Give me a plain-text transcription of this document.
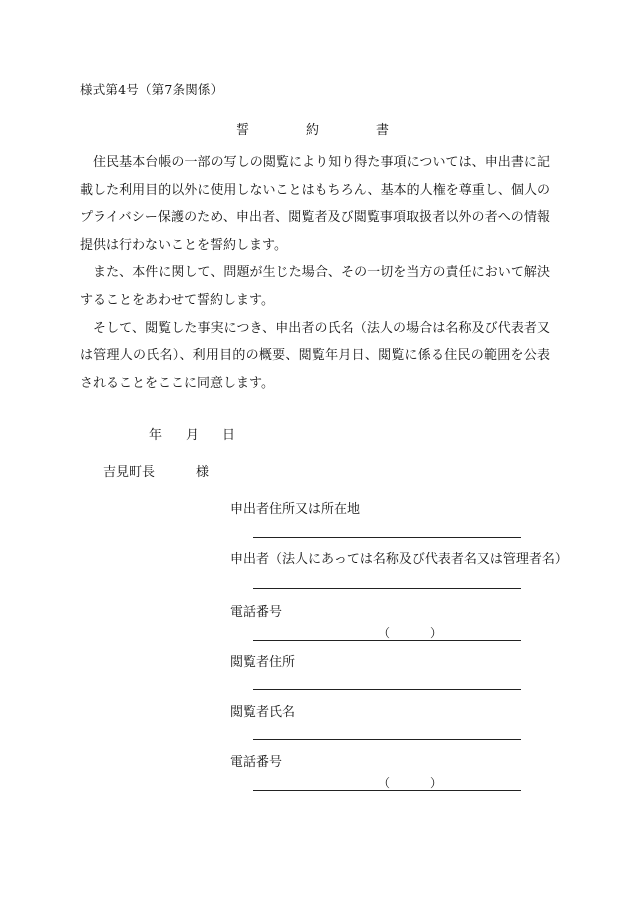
様式第4号（第7条関係）
誓	約	書

住民基本台帳の一部の写しの閲覧により知り得た事項については、申出書に記載した利用目的以外に使用しないことはもちろん、基本的人権を尊重し、個人のプライバシー保護のため、申出者、閲覧者及び閲覧事項取扱者以外の者への情報提供は行わないことを誓約します。

また、本件に関して、問題が生じた場合、その一切を当方の責任において解決することをあわせて誓約します。

そして、閲覧した事実につき、申出者の氏名（法人の場合は名称及び代表者又は管理人の氏名）、利用目的の概要、閲覧年月日、閲覧に係る住民の範囲を公表されることをここに同意します。

年 月 日
吉見町長	様
申出者住所又は所在地
申出者（法人にあっては名称及び代表者名又は管理者名）
電話番号
（	）
閲覧者住所
閲覧者氏名
電話番号
（	）
